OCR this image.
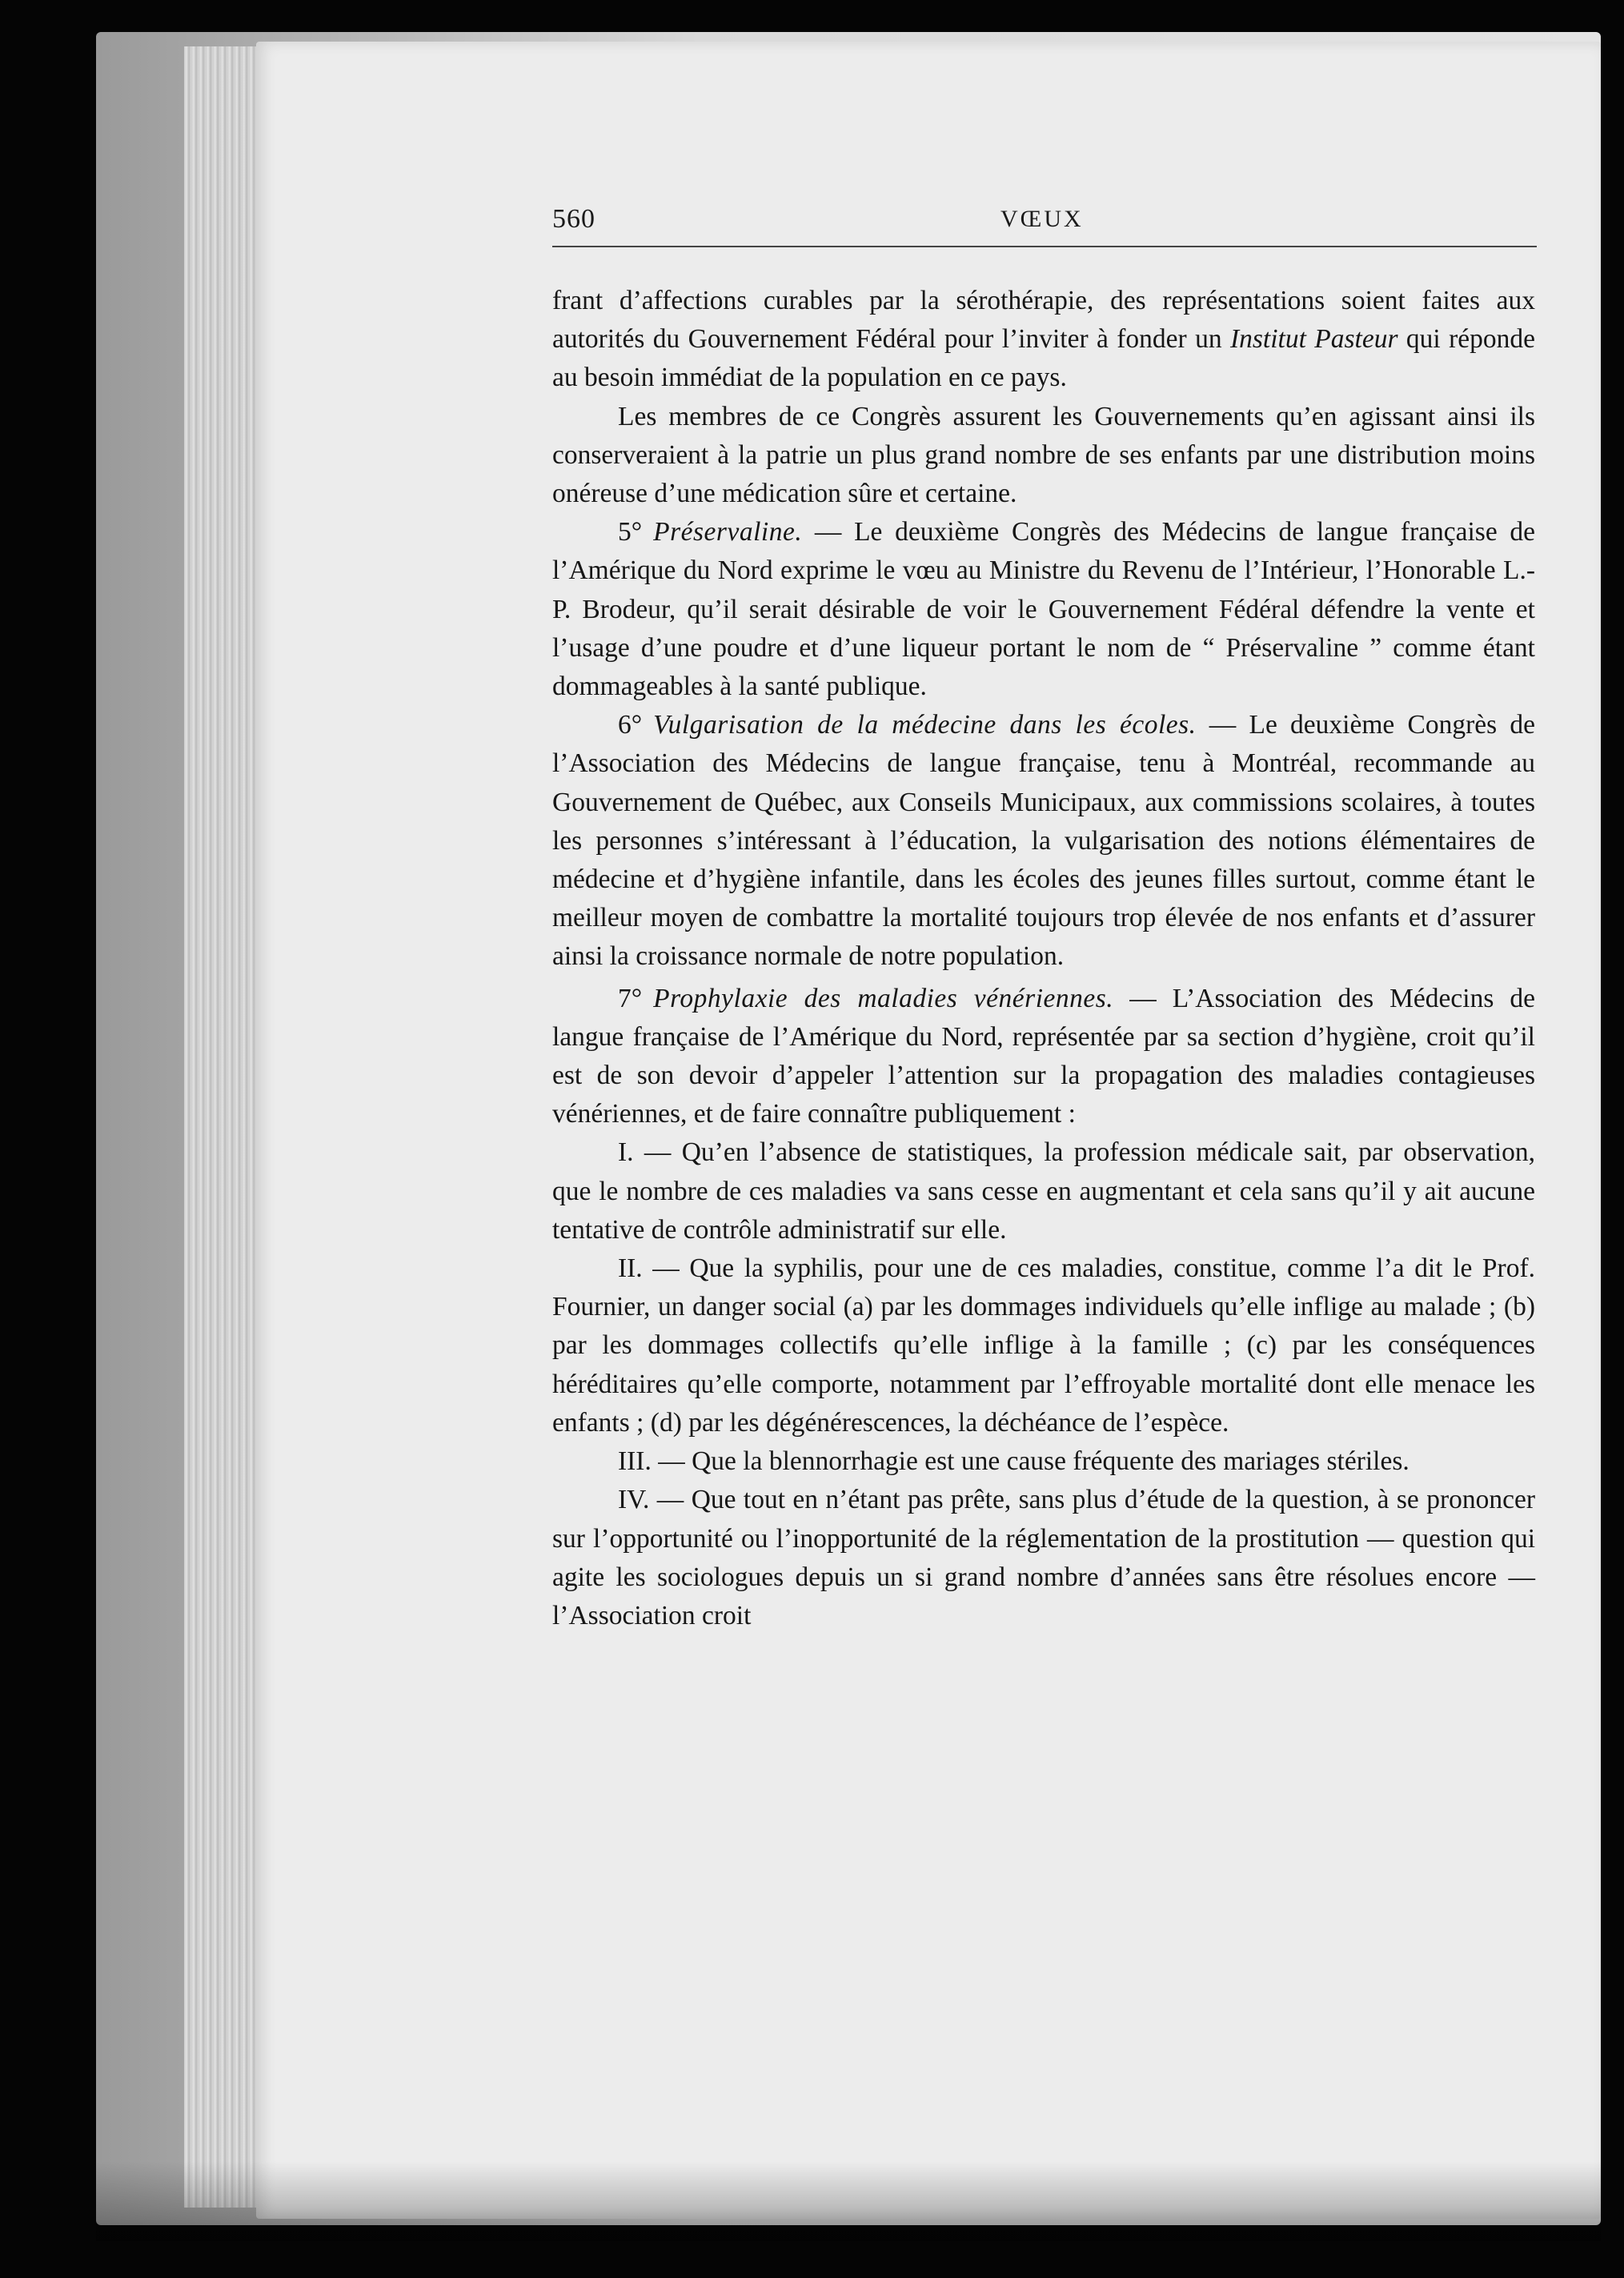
560	VŒUX

frant d’affections curables par la sérothérapie, des représentations soient faites aux autorités du Gouvernement Fédéral pour l’inviter à fonder un Institut Pasteur qui réponde au besoin immédiat de la population en ce pays.

Les membres de ce Congrès assurent les Gouvernements qu’en agissant ainsi ils conserveraient à la patrie un plus grand nombre de ses enfants par une distribution moins onéreuse d’une médication sûre et certaine.

5° Préservaline. — Le deuxième Congrès des Médecins de langue française de l’Amérique du Nord exprime le vœu au Ministre du Revenu de l’Intérieur, l’Honorable L.-P. Brodeur, qu’il serait désirable de voir le Gouvernement Fédéral défendre la vente et l’usage d’une poudre et d’une liqueur portant le nom de “ Préservaline ” comme étant dommageables à la santé publique.

6° Vulgarisation de la médecine dans les écoles. — Le deuxième Congrès de l’Association des Médecins de langue française, tenu à Montréal, recommande au Gouvernement de Québec, aux Conseils Municipaux, aux commissions scolaires, à toutes les personnes s’intéressant à l’éducation, la vulgarisation des notions élémentaires de médecine et d’hygiène infantile, dans les écoles des jeunes filles surtout, comme étant le meilleur moyen de combattre la mortalité toujours trop élevée de nos enfants et d’assurer ainsi la croissance normale de notre population.

7° Prophylaxie des maladies vénériennes. — L’Association des Médecins de langue française de l’Amérique du Nord, représentée par sa section d’hygiène, croit qu’il est de son devoir d’appeler l’attention sur la propagation des maladies contagieuses vénériennes, et de faire connaître publiquement :

I. — Qu’en l’absence de statistiques, la profession médicale sait, par observation, que le nombre de ces maladies va sans cesse en augmentant et cela sans qu’il y ait aucune tentative de contrôle administratif sur elle.

II. — Que la syphilis, pour une de ces maladies, constitue, comme l’a dit le Prof. Fournier, un danger social (a) par les dommages individuels qu’elle inflige au malade ; (b) par les dommages collectifs qu’elle inflige à la famille ; (c) par les conséquences héréditaires qu’elle comporte, notamment par l’effroyable mortalité dont elle menace les enfants ; (d) par les dégénérescences, la déchéance de l’espèce.

III. — Que la blennorrhagie est une cause fréquente des mariages stériles.

IV. — Que tout en n’étant pas prête, sans plus d’étude de la question, à se prononcer sur l’opportunité ou l’inopportunité de la réglementation de la prostitution — question qui agite les sociologues depuis un si grand nombre d’années sans être résolues encore — l’Association croit
